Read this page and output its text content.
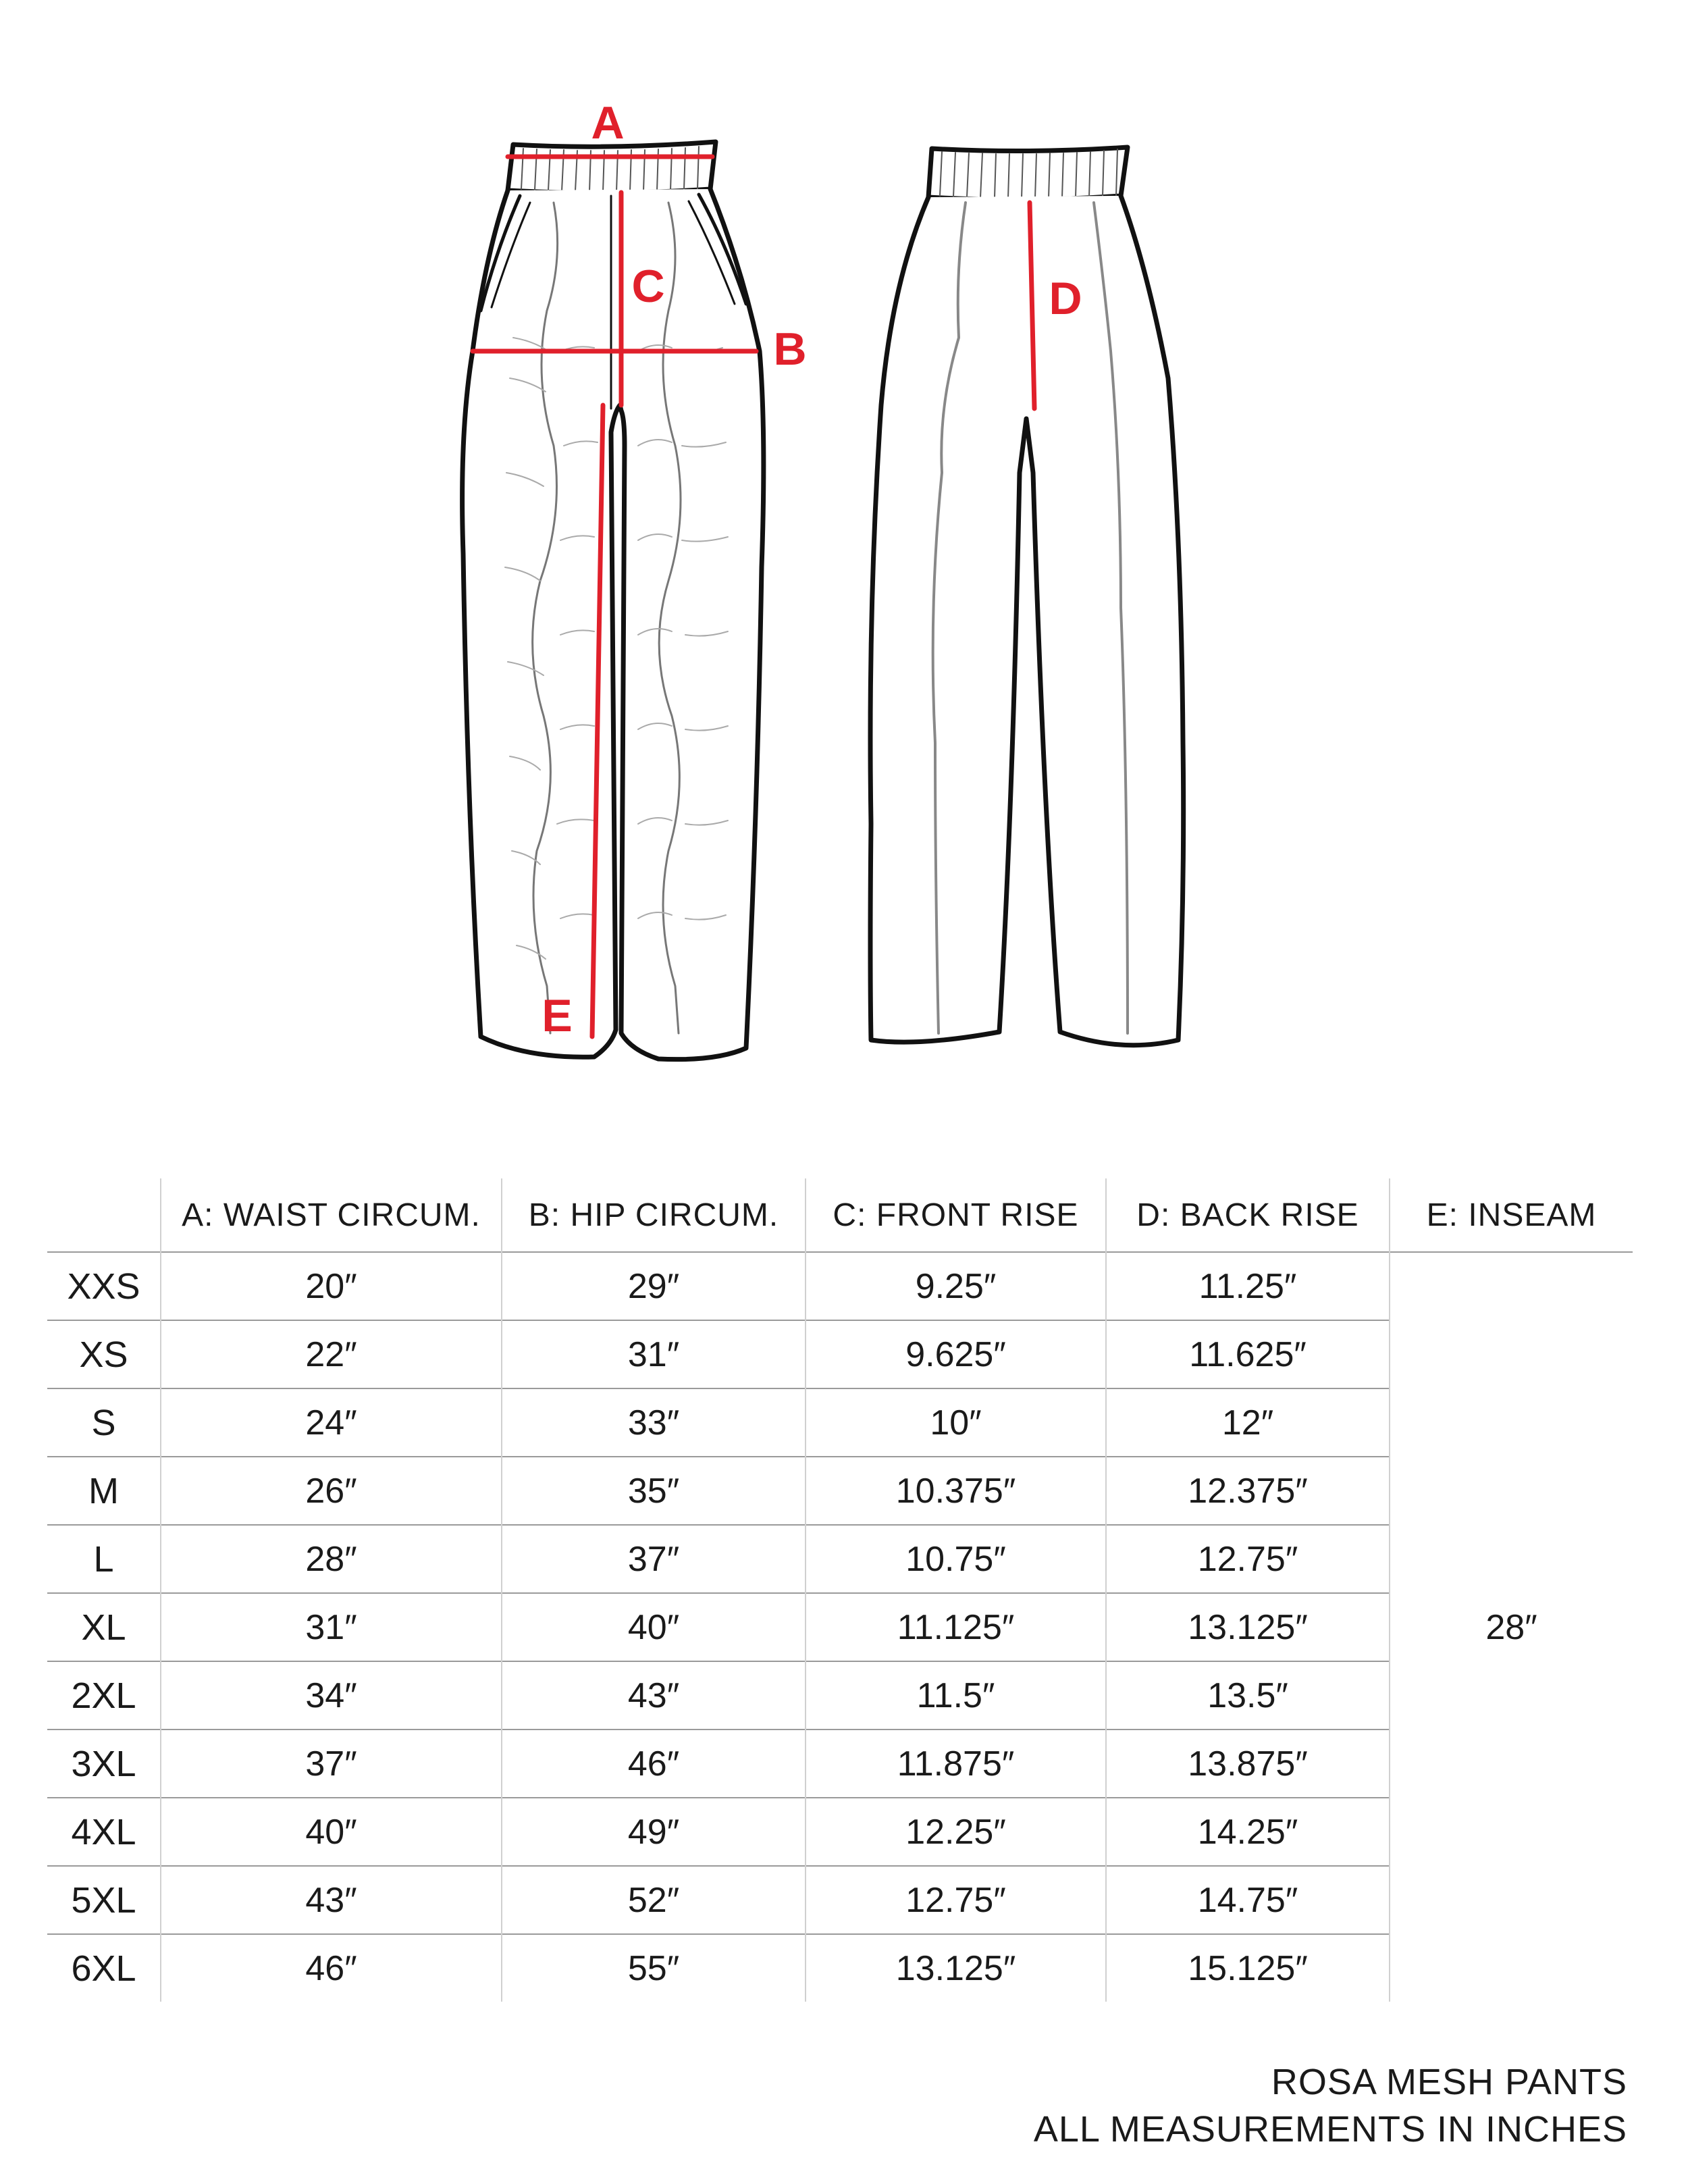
A
B
C
E
D
	A: WAIST CIRCUM.	B: HIP CIRCUM.	C: FRONT RISE	D: BACK RISE	E: INSEAM
XXS	20″	29″	9.25″	11.25″	28″
XS	22″	31″	9.625″	11.625″	
S	24″	33″	10″	12″	
M	26″	35″	10.375″	12.375″	
L	28″	37″	10.75″	12.75″	
XL	31″	40″	11.125″	13.125″	
2XL	34″	43″	11.5″	13.5″	
3XL	37″	46″	11.875″	13.875″	
4XL	40″	49″	12.25″	14.25″	
5XL	43″	52″	12.75″	14.75″	
6XL	46″	55″	13.125″	15.125″	
ROSA MESH PANTS
ALL MEASUREMENTS IN INCHES
